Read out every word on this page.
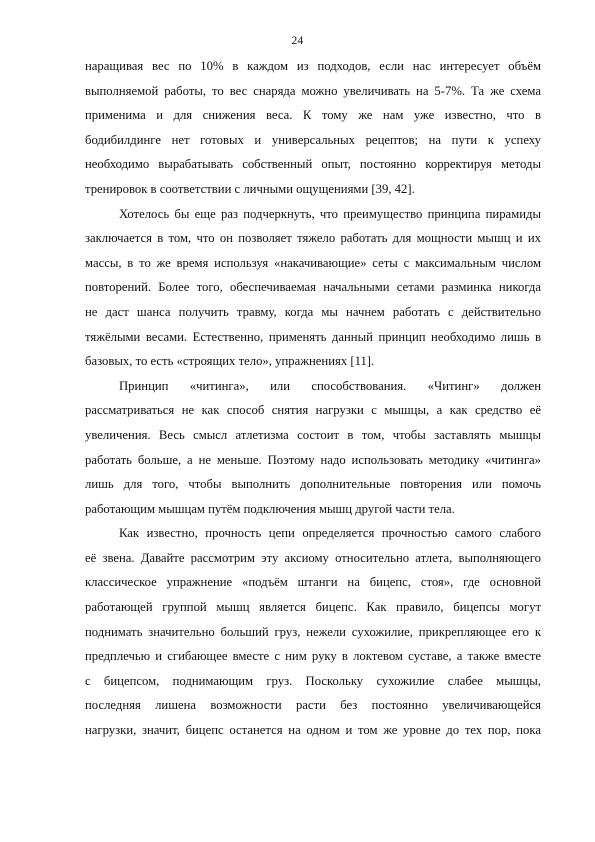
24
наращивая вес по 10% в каждом из подходов, если нас интересует объём
выполняемой работы, то вес снаряда можно увеличивать на 5-7%. Та же схема
применима и для снижения веса. К тому же нам уже известно, что в
бодибилдинге нет готовых и универсальных рецептов; на пути к успеху
необходимо вырабатывать собственный опыт, постоянно корректируя методы
тренировок в соответствии с личными ощущениями [39, 42].
Хотелось бы еще раз подчеркнуть, что преимущество принципа пирамиды
заключается в том, что он позволяет тяжело работать для мощности мышц и их
массы, в то же время используя «накачивающие» сеты с максимальным числом
повторений. Более того, обеспечиваемая начальными сетами разминка никогда
не даст шанса получить травму, когда мы начнем работать с действительно
тяжёлыми весами. Естественно, применять данный принцип необходимо лишь в
базовых, то есть «строящих тело», упражнениях [11].
Принцип «читинга», или способствования. «Читинг» должен
рассматриваться не как способ снятия нагрузки с мышцы, а как средство её
увеличения. Весь смысл атлетизма состоит в том, чтобы заставлять мышцы
работать больше, а не меньше. Поэтому надо использовать методику «читинга»
лишь для того, чтобы выполнить дополнительные повторения или помочь
работающим мышцам путём подключения мышц другой части тела.
Как известно, прочность цепи определяется прочностью самого слабого
её звена. Давайте рассмотрим эту аксиому относительно атлета, выполняющего
классическое упражнение «подъём штанги на бицепс, стоя», где основной
работающей группой мышц является бицепс. Как правило, бицепсы могут
поднимать значительно больший груз, нежели сухожилие, прикрепляющее его к
предплечью и сгибающее вместе с ним руку в локтевом суставе, а также вместе
с бицепсом, поднимающим груз. Поскольку сухожилие слабее мышцы,
последняя лишена возможности расти без постоянно увеличивающейся
нагрузки, значит, бицепс останется на одном и том же уровне до тех пор, пока
